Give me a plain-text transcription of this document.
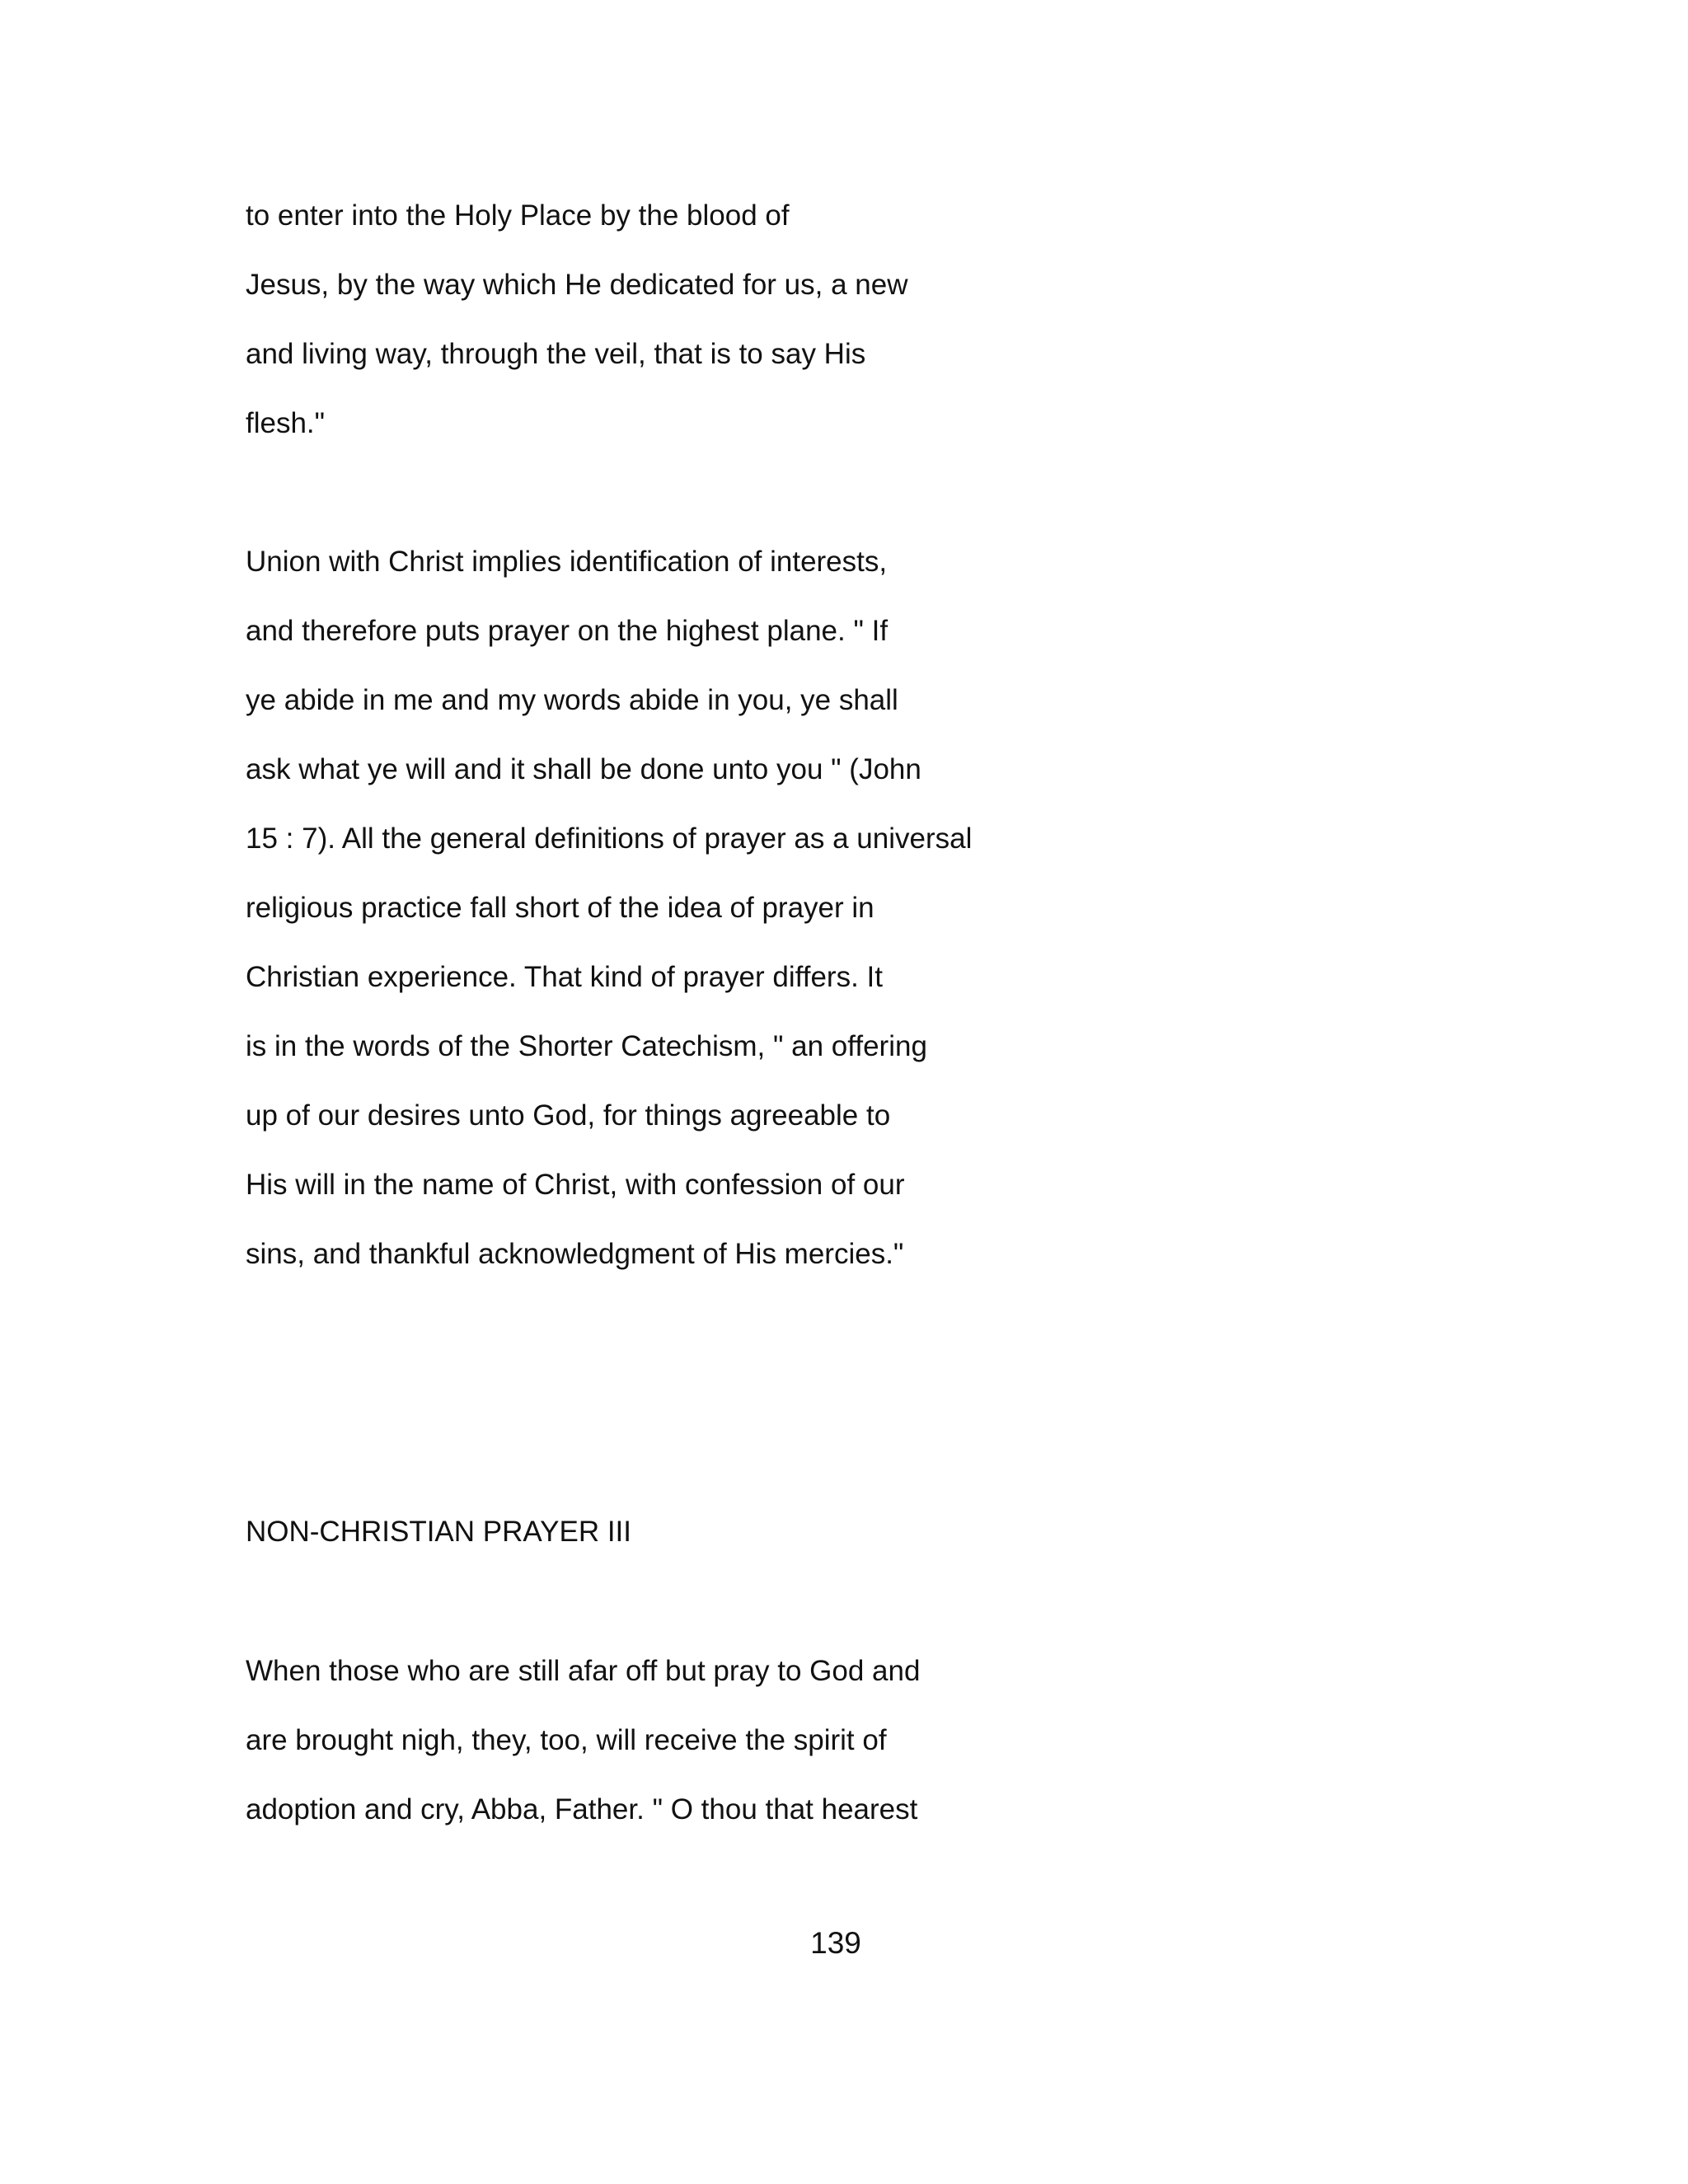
to enter into the Holy Place by the blood of

Jesus, by the way which He dedicated for us, a new

and living way, through the veil, that is to say His

flesh."

Union with Christ implies identification of interests,

and therefore puts prayer on the highest plane. " If

ye abide in me and my words abide in you, ye shall

ask what ye will and it shall be done unto you " (John

15 : 7). All the general definitions of prayer as a universal

religious practice fall short of the idea of prayer in

Christian experience. That kind of prayer differs. It

is in the words of the Shorter Catechism, " an offering

up of our desires unto God, for things agreeable to

His will in the name of Christ, with confession of our

sins, and thankful acknowledgment of His mercies."

NON-CHRISTIAN PRAYER III

When those who are still afar off but pray to God and

are brought nigh, they, too, will receive the spirit of

adoption and cry, Abba, Father. " O thou that hearest

139
